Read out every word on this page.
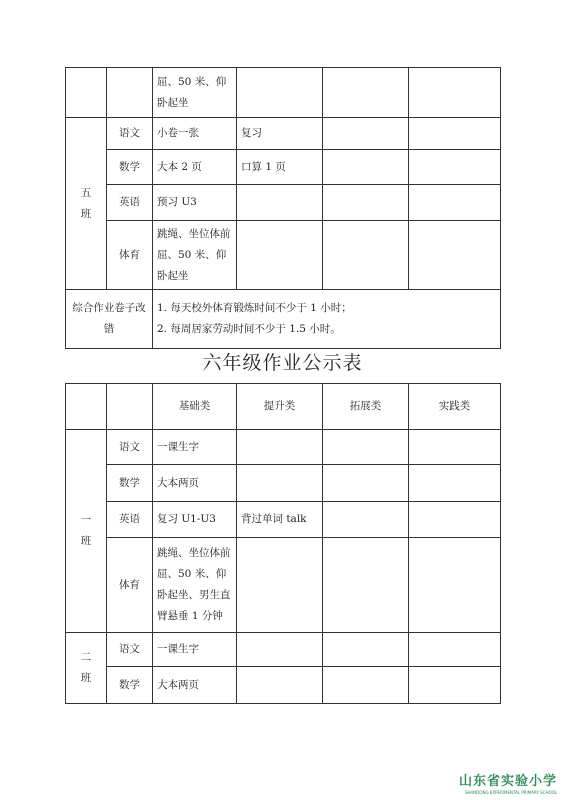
		屈、50 米、仰
卧起坐			

五
班	语文	小卷一张	复习		
	数学	大本 2 页	口算 1 页		
	英语	预习 U3			
	体育	跳绳、坐位体前
屈、50 米、仰
卧起坐			

综合作业卷子改错		1. 每天校外体育锻炼时间不少于 1 小时；
2. 每周居家劳动时间不少于 1.5 小时。			
六年级作业公示表
		基础类	提升类	拓展类	实践类

一
班	语文	一课生字			
	数学	大本两页			
	英语	复习 U1-U3	背过单词 talk		
	体育	跳绳、坐位体前
屈、50 米、仰
卧起坐、男生直
臂悬垂 1 分钟			

二
班	语文	一课生字			
	数学	大本两页			
山东省实验小学
SHANDONG EXPERIMENTAL PRIMARY SCHOOL
